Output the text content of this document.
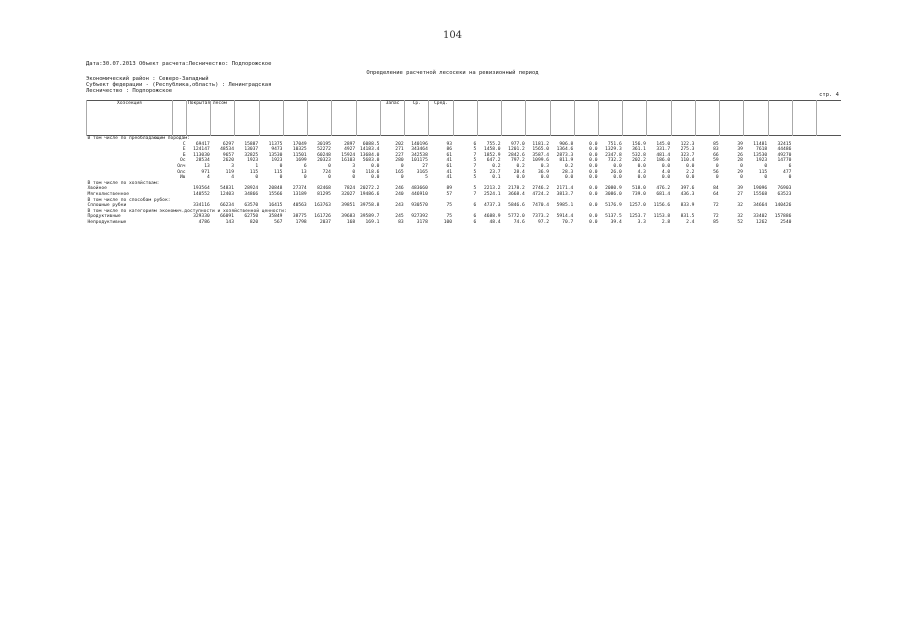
104
Дата:30.07.2013 Объект расчета:Лесничество: Подпорожское
Определение расчетной лесосеки на ревизионный период
Экономический район : Северо-Западный
Субъект федерации - (Республика,область) : Ленинградская
Лесничество : Подпорожское
стр. 4
Хозсекция		Покрытая лесом								Запас	Ср.	Сред.																
В том числе по преобладающим породам:																												
	С	69417	6297	15887	11375	17049	30195	2897	6088.5	202	140196	93	6	755.2	977.0	1181.2	906.8	0.0	751.6	156.9	145.0	122.3	85	39	11481	32415		
	Е	124147	48534	13037	9473	10325	52272	4927	14183.4	271	343464	86	5	1458.0	1201.2	1565.0	1364.6	0.0	1329.3	361.1	331.7	275.3	83	39	7618	44486		
	Б	113030	9657	32825	13530	11501	60248	15924	13684.0	227	342538	61	7	1852.9	2842.6	3587.4	2873.3	0.0	2347.8	532.8	481.4	323.7	66	26	13530	49270		
	Ос	28534	2620	1923	1923	1699	20323	16103	5683.0	280	101175	41	5	647.2	797.2	1099.6	811.9	0.0	732.2	202.2	186.0	110.4	59	28	1923	14770		
	Олч	13	3	1	0	6	0	3	0.0	0	27	61	7	0.2	0.2	0.3	0.2	0.0	0.0	0.0	0.0	0.0	0	0	0	6		
	Олс	971	119	115	115	13	724	0	118.6	165	3165	41	5	23.7	28.4	36.9	28.3	0.0	26.0	4.3	4.0	2.2	56	29	115	477		
	Ив	4	4	0	0	0	0	0	0.0	0	5	41	5	0.1	0.0	0.0	0.0	0.0	0.0	0.0	0.0	0.0	0	0	0	0		
В том числе по хозяйствам:																												
Хвойное		193564	54831	28924	20848	27374	82468	7824	20272.2	246	483660	89	5	2213.2	2178.2	2746.2	2171.4	0.0	2080.9	518.0	476.2	397.6	84	39	19096	76903		
Мягколиственное		140552	12403	34866	15566	13189	81295	32027	19486.6	240	446910	57	7	2524.1	3668.4	4724.2	3813.7	0.0	3086.0	739.0	681.4	436.3	64	27	15568	63523		
В том числе по способам рубок:																												
Сплошные рубки		334116	66234	63570	16415	40563	163763	39851	39758.8	243	930570	75	6	4737.3	5846.6	7470.4	5985.1	0.0	5176.9	1257.0	1156.6	833.9	72	32	34664	140426		
В том числе по категориям экономич.доступности и хозяйственной ценности:																												
Продуктивные		329330	66091	62750	35849	38775	161726	39683	39589.7	245	927392	75	6	4688.9	5772.0	7373.2	5914.4	0.0	5137.5	1253.7	1153.8	831.5	72	32	33402	157886		
Непродуктивные		4786	143	820	567	1798	2037	168	169.1	83	3178	100	6	48.4	74.6	97.2	70.7	0.0	39.4	3.3	2.8	2.4	85	52	1262	2540		
